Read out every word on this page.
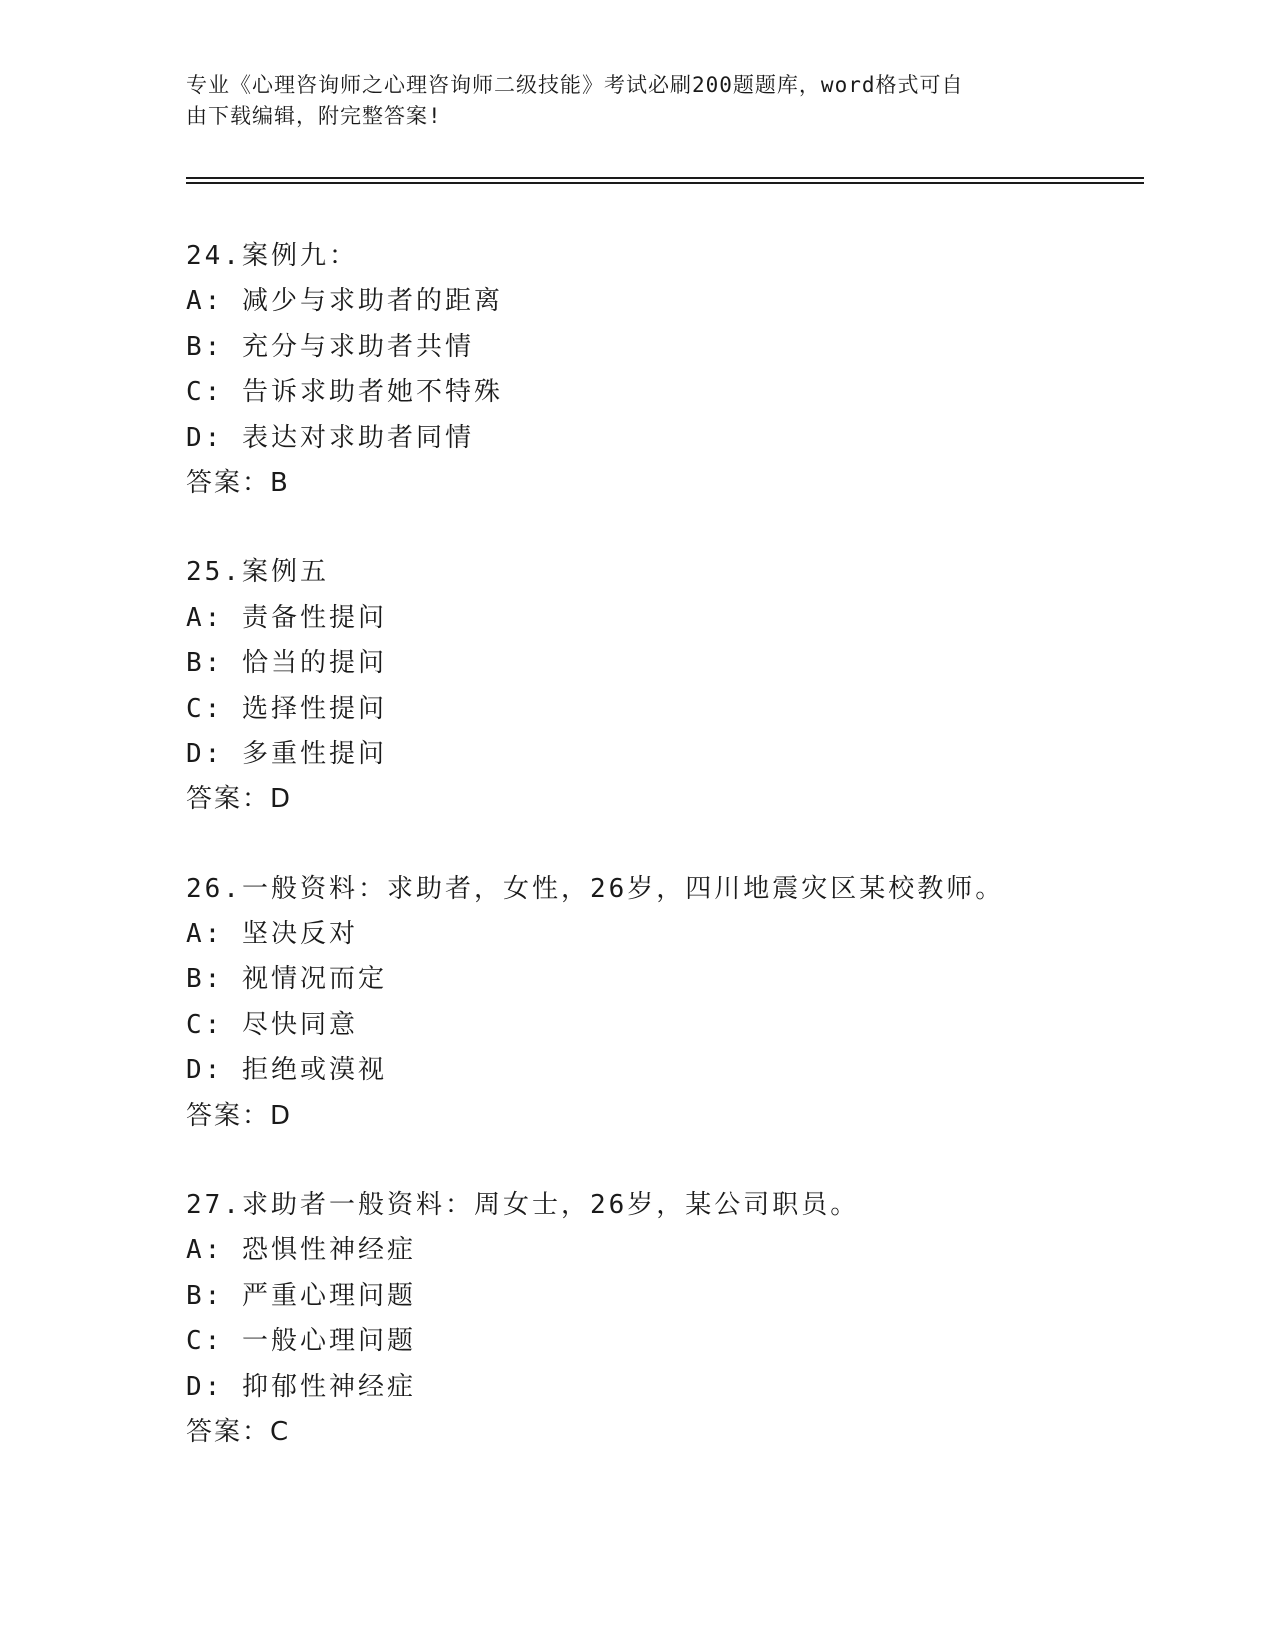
专业《心理咨询师之心理咨询师二级技能》考试必刷200题题库，word格式可自
由下载编辑，附完整答案!
24.案例九：
A: 减少与求助者的距离
B: 充分与求助者共情
C: 告诉求助者她不特殊
D: 表达对求助者同情
答案：B
25.案例五
A: 责备性提问
B: 恰当的提问
C: 选择性提问
D: 多重性提问
答案：D
26.一般资料：求助者，女性，26岁，四川地震灾区某校教师。
A: 坚决反对
B: 视情况而定
C: 尽快同意
D: 拒绝或漠视
答案：D
27.求助者一般资料：周女士，26岁，某公司职员。
A: 恐惧性神经症
B: 严重心理问题
C: 一般心理问题
D: 抑郁性神经症
答案：C
